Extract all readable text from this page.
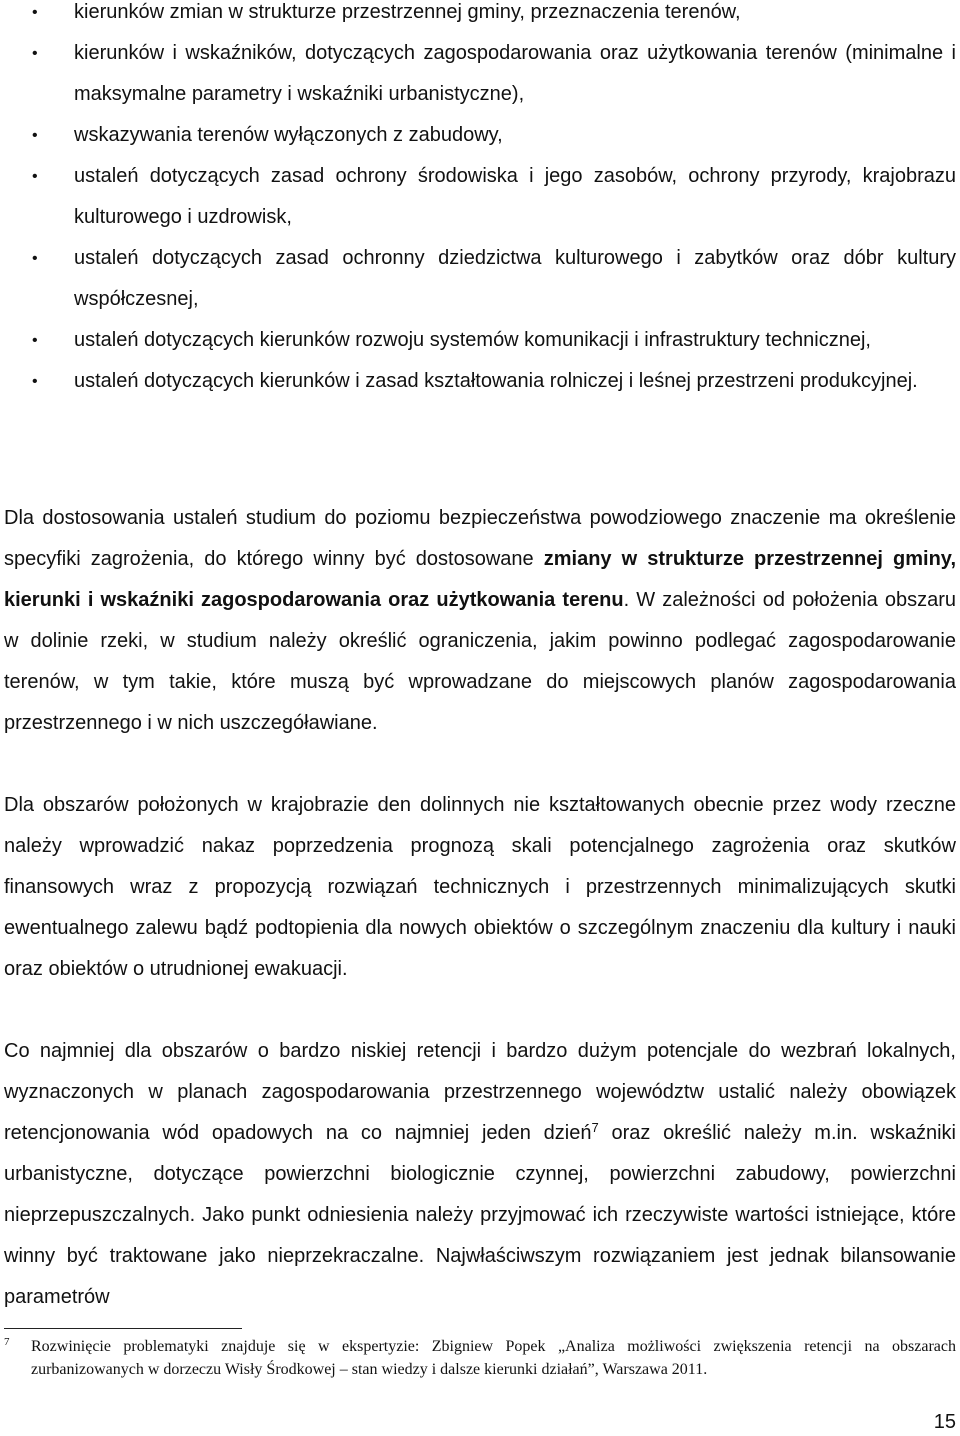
• kierunków zmian w strukturze przestrzennej gminy, przeznaczenia terenów,
• kierunków i wskaźników, dotyczących zagospodarowania oraz użytkowania terenów (minimalne i maksymalne parametry i wskaźniki urbanistyczne),
• wskazywania terenów wyłączonych z zabudowy,
• ustaleń dotyczących zasad ochrony środowiska i jego zasobów, ochrony przyrody, krajobrazu kulturowego i uzdrowisk,
• ustaleń dotyczących zasad ochronny dziedzictwa kulturowego i zabytków oraz dóbr kultury współczesnej,
• ustaleń dotyczących kierunków rozwoju systemów komunikacji i infrastruktury technicznej,
• ustaleń dotyczących kierunków i zasad kształtowania rolniczej i leśnej przestrzeni produkcyjnej.

Dla dostosowania ustaleń studium do poziomu bezpieczeństwa powodziowego znaczenie ma określenie specyfiki zagrożenia, do którego winny być dostosowane zmiany w strukturze przestrzennej gminy, kierunki i wskaźniki zagospodarowania oraz użytkowania terenu. W zależności od położenia obszaru w dolinie rzeki, w studium należy określić ograniczenia, jakim powinno podlegać zagospodarowanie terenów, w tym takie, które muszą być wprowadzane do miejscowych planów zagospodarowania przestrzennego i w nich uszczegóławiane.

Dla obszarów położonych w krajobrazie den dolinnych nie kształtowanych obecnie przez wody rzeczne należy wprowadzić nakaz poprzedzenia prognozą skali potencjalnego zagrożenia oraz skutków finansowych wraz z propozycją rozwiązań technicznych i przestrzennych minimalizujących skutki ewentualnego zalewu bądź podtopienia dla nowych obiektów o szczególnym znaczeniu dla kultury i nauki oraz obiektów o utrudnionej ewakuacji.

Co najmniej dla obszarów o bardzo niskiej retencji i bardzo dużym potencjale do wezbrań lokalnych, wyznaczonych w planach zagospodarowania przestrzennego województw ustalić należy obowiązek retencjonowania wód opadowych na co najmniej jeden dzień$^7$ oraz określić należy m.in. wskaźniki urbanistyczne, dotyczące powierzchni biologicznie czynnej, powierzchni zabudowy, powierzchni nieprzepuszczalnych. Jako punkt odniesienia należy przyjmować ich rzeczywiste wartości istniejące, które winny być traktowane jako nieprzekraczalne. Najwłaściwszym rozwiązaniem jest jednak bilansowanie parametrów

7 Rozwinięcie problematyki znajduje się w ekspertyzie: Zbigniew Popek „Analiza możliwości zwiększenia retencji na obszarach zurbanizowanych w dorzeczu Wisły Środkowej – stan wiedzy i dalsze kierunki działań”, Warszawa 2011.
15
